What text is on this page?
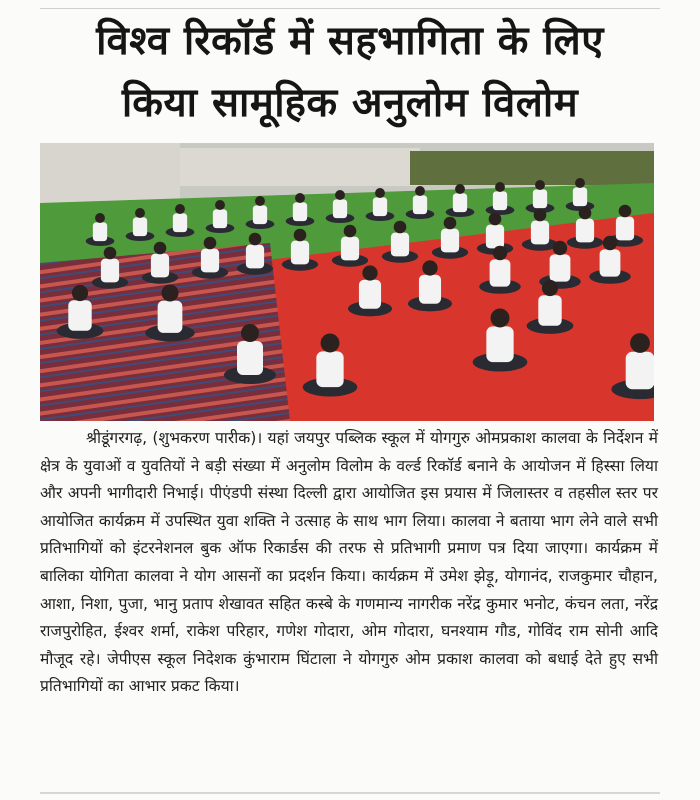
विश्व रिकॉर्ड में सहभागिता के लिए
किया सामूहिक अनुलोम विलोम

श्रीडूंगरगढ़, (शुभकरण पारीक)। यहां जयपुर पब्लिक स्कूल में योगगुरु ओमप्रकाश कालवा के निर्देशन में क्षेत्र के युवाओं व युवतियों ने बड़ी संख्या में अनुलोम विलोम के वर्ल्ड रिकॉर्ड बनाने के आयोजन में हिस्सा लिया और अपनी भागीदारी निभाई। पीएंडपी संस्था दिल्ली द्वारा आयोजित इस प्रयास में जिलास्तर व तहसील स्तर पर आयोजित कार्यक्रम में उपस्थित युवा शक्ति ने उत्साह के साथ भाग लिया। कालवा ने बताया भाग लेने वाले सभी प्रतिभागियों को इंटरनेशनल बुक ऑफ रिकार्डस की तरफ से प्रतिभागी प्रमाण पत्र दिया जाएगा। कार्यक्रम में बालिका योगिता कालवा ने योग आसनों का प्रदर्शन किया। कार्यक्रम में उमेश झेड़ू, योगानंद, राजकुमार चौहान, आशा, निशा, पुजा, भानु प्रताप शेखावत सहित कस्बे के गणमान्य नागरीक नरेंद्र कुमार भनोट, कंचन लता, नरेंद्र राजपुरोहित, ईश्वर शर्मा, राकेश परिहार, गणेश गोदारा, ओम गोदारा, घनश्याम गौड, गोविंद राम सोनी आदि मौजूद रहे। जेपीएस स्कूल निदेशक कुंभाराम घिंटाला ने योगगुरु ओम प्रकाश कालवा को बधाई देते हुए सभी प्रतिभागियों का आभार प्रकट किया।
